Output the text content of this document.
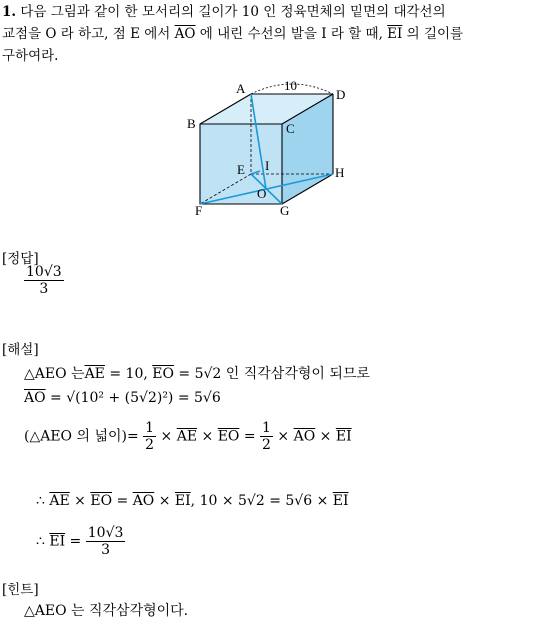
1. 다음 그림과 같이 한 모서리의 길이가 10 인 정육면체의 밑면의 대각선의
교점을 O 라 하고, 점 E 에서 $\overline{AO}$ 에 내린 수선의 발을 I 라 할 때, $\overline{EI}$ 의 길이를
구하여라.
A	10
D
B	C
E I	H
O
F	G
[정답]
$\frac{10√3}{3}$
[해설]
△AEO 는$\overline{AE} = 10$, $\overline{EO} = 5√2$ 인 직각삼각형이 되므로
$\overline{AO} = √(10^2 + (5√2)^2) = 5√6$
(△AEO 의 넓이)= $\frac{1}{2} \times \overline{AE} \times \overline{EO} = \frac{1}{2} \times \overline{AO} \times \overline{EI}$
∴ $\overline{AE} \times \overline{EO} = \overline{AO} \times \overline{EI}$, $10 \times 5√2 = 5√6 \times \overline{EI}$
∴ $\overline{EI} = \frac{10√3}{3}$
[힌트]
△AEO 는 직각삼각형이다.
